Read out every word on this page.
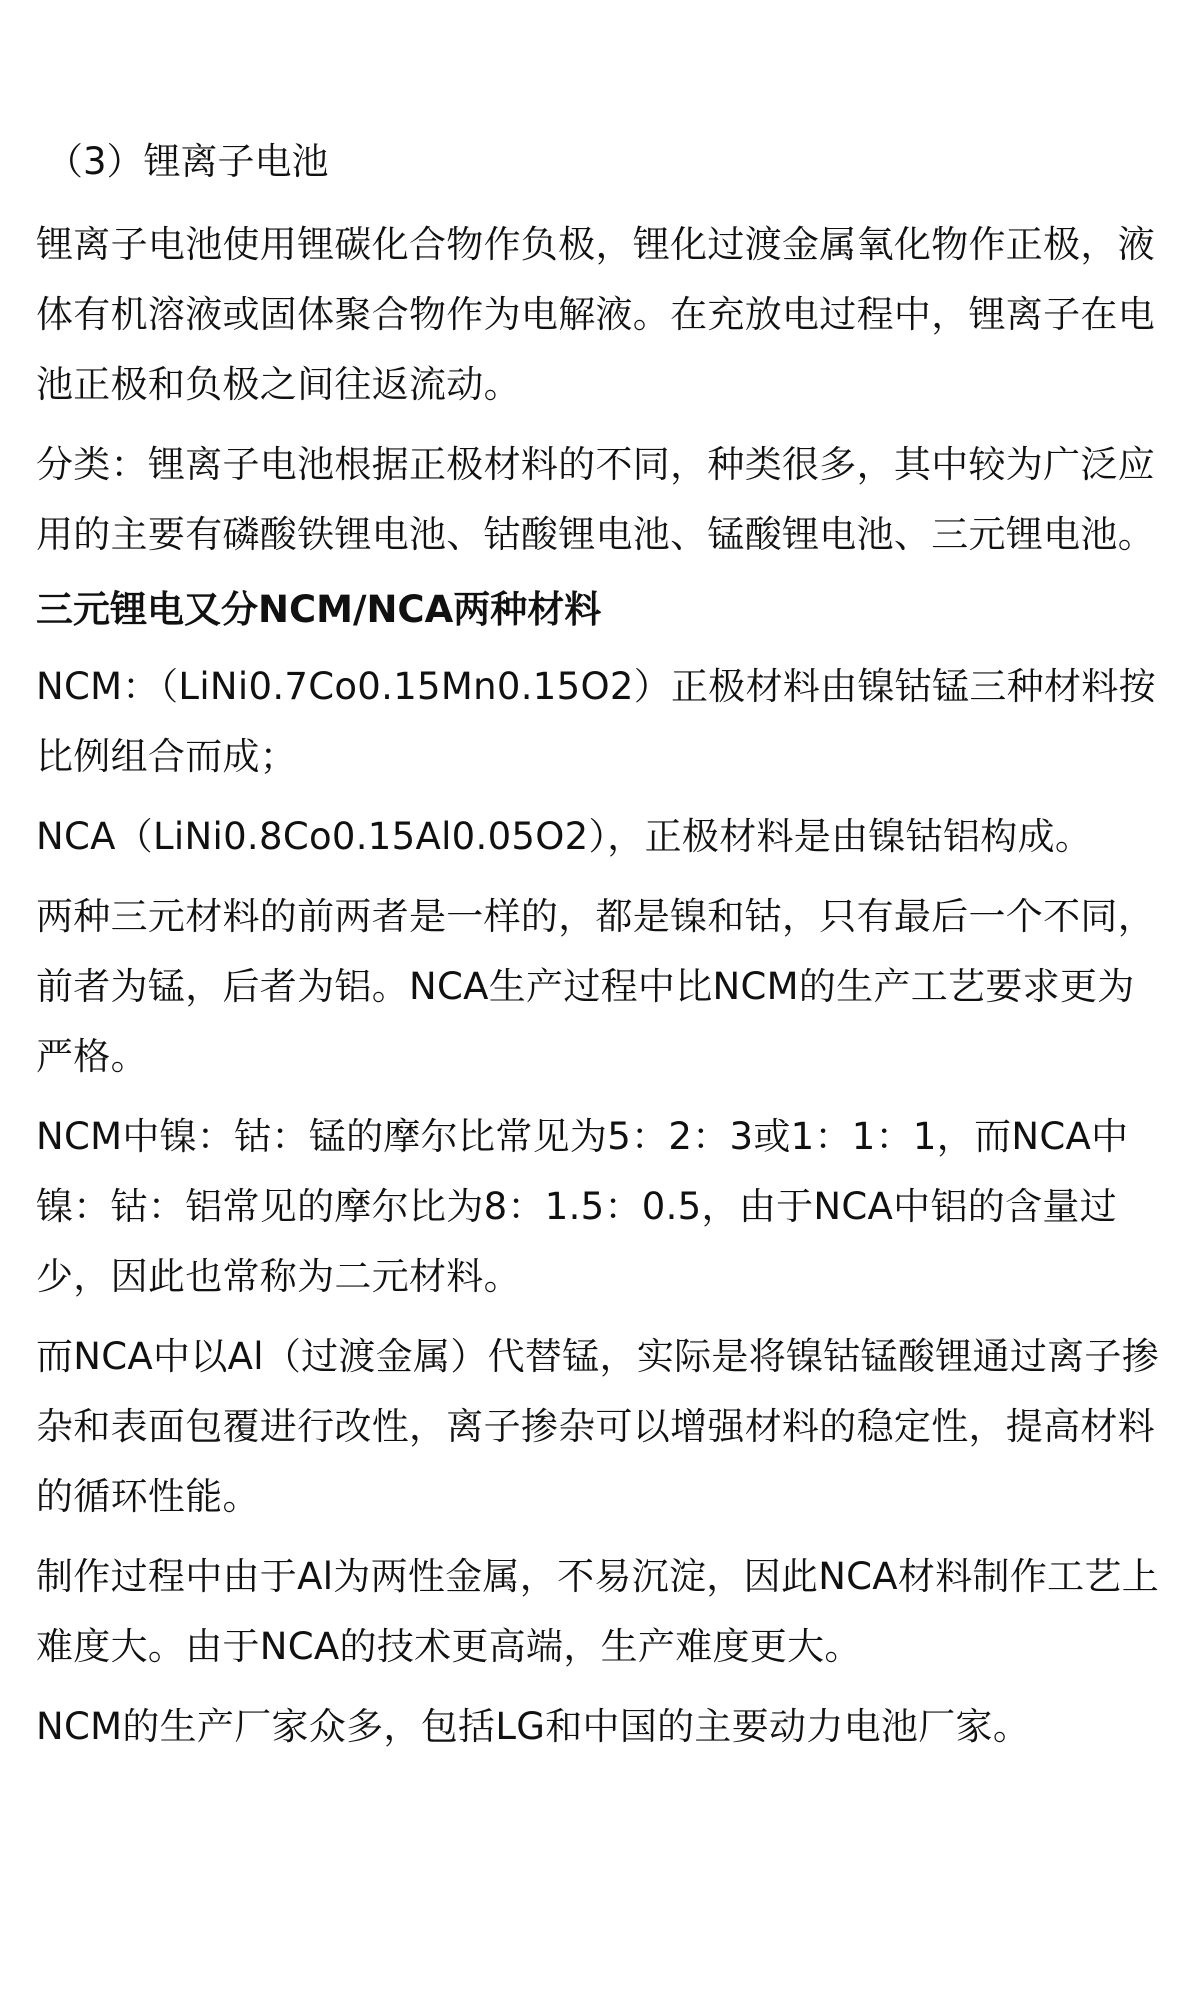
（3）锂离子电池

锂离子电池使用锂碳化合物作负极，锂化过渡金属氧化物作正极，液体有机溶液或固体聚合物作为电解液。在充放电过程中，锂离子在电池正极和负极之间往返流动。

分类：锂离子电池根据正极材料的不同，种类很多，其中较为广泛应用的主要有磷酸铁锂电池、钴酸锂电池、锰酸锂电池、三元锂电池。

三元锂电又分NCM/NCA两种材料

NCM：（LiNi0.7Co0.15Mn0.15O2）正极材料由镍钴锰三种材料按比例组合而成；

NCA（LiNi0.8Co0.15Al0.05O2），正极材料是由镍钴铝构成。

两种三元材料的前两者是一样的，都是镍和钴，只有最后一个不同，前者为锰，后者为铝。NCA生产过程中比NCM的生产工艺要求更为严格。

NCM中镍：钴：锰的摩尔比常见为5：2：3或1：1：1，而NCA中镍：钴：铝常见的摩尔比为8：1.5：0.5，由于NCA中铝的含量过少，因此也常称为二元材料。

而NCA中以Al（过渡金属）代替锰，实际是将镍钴锰酸锂通过离子掺杂和表面包覆进行改性，离子掺杂可以增强材料的稳定性，提高材料的循环性能。

制作过程中由于Al为两性金属，不易沉淀，因此NCA材料制作工艺上难度大。由于NCA的技术更高端，生产难度更大。

NCM的生产厂家众多，包括LG和中国的主要动力电池厂家。
